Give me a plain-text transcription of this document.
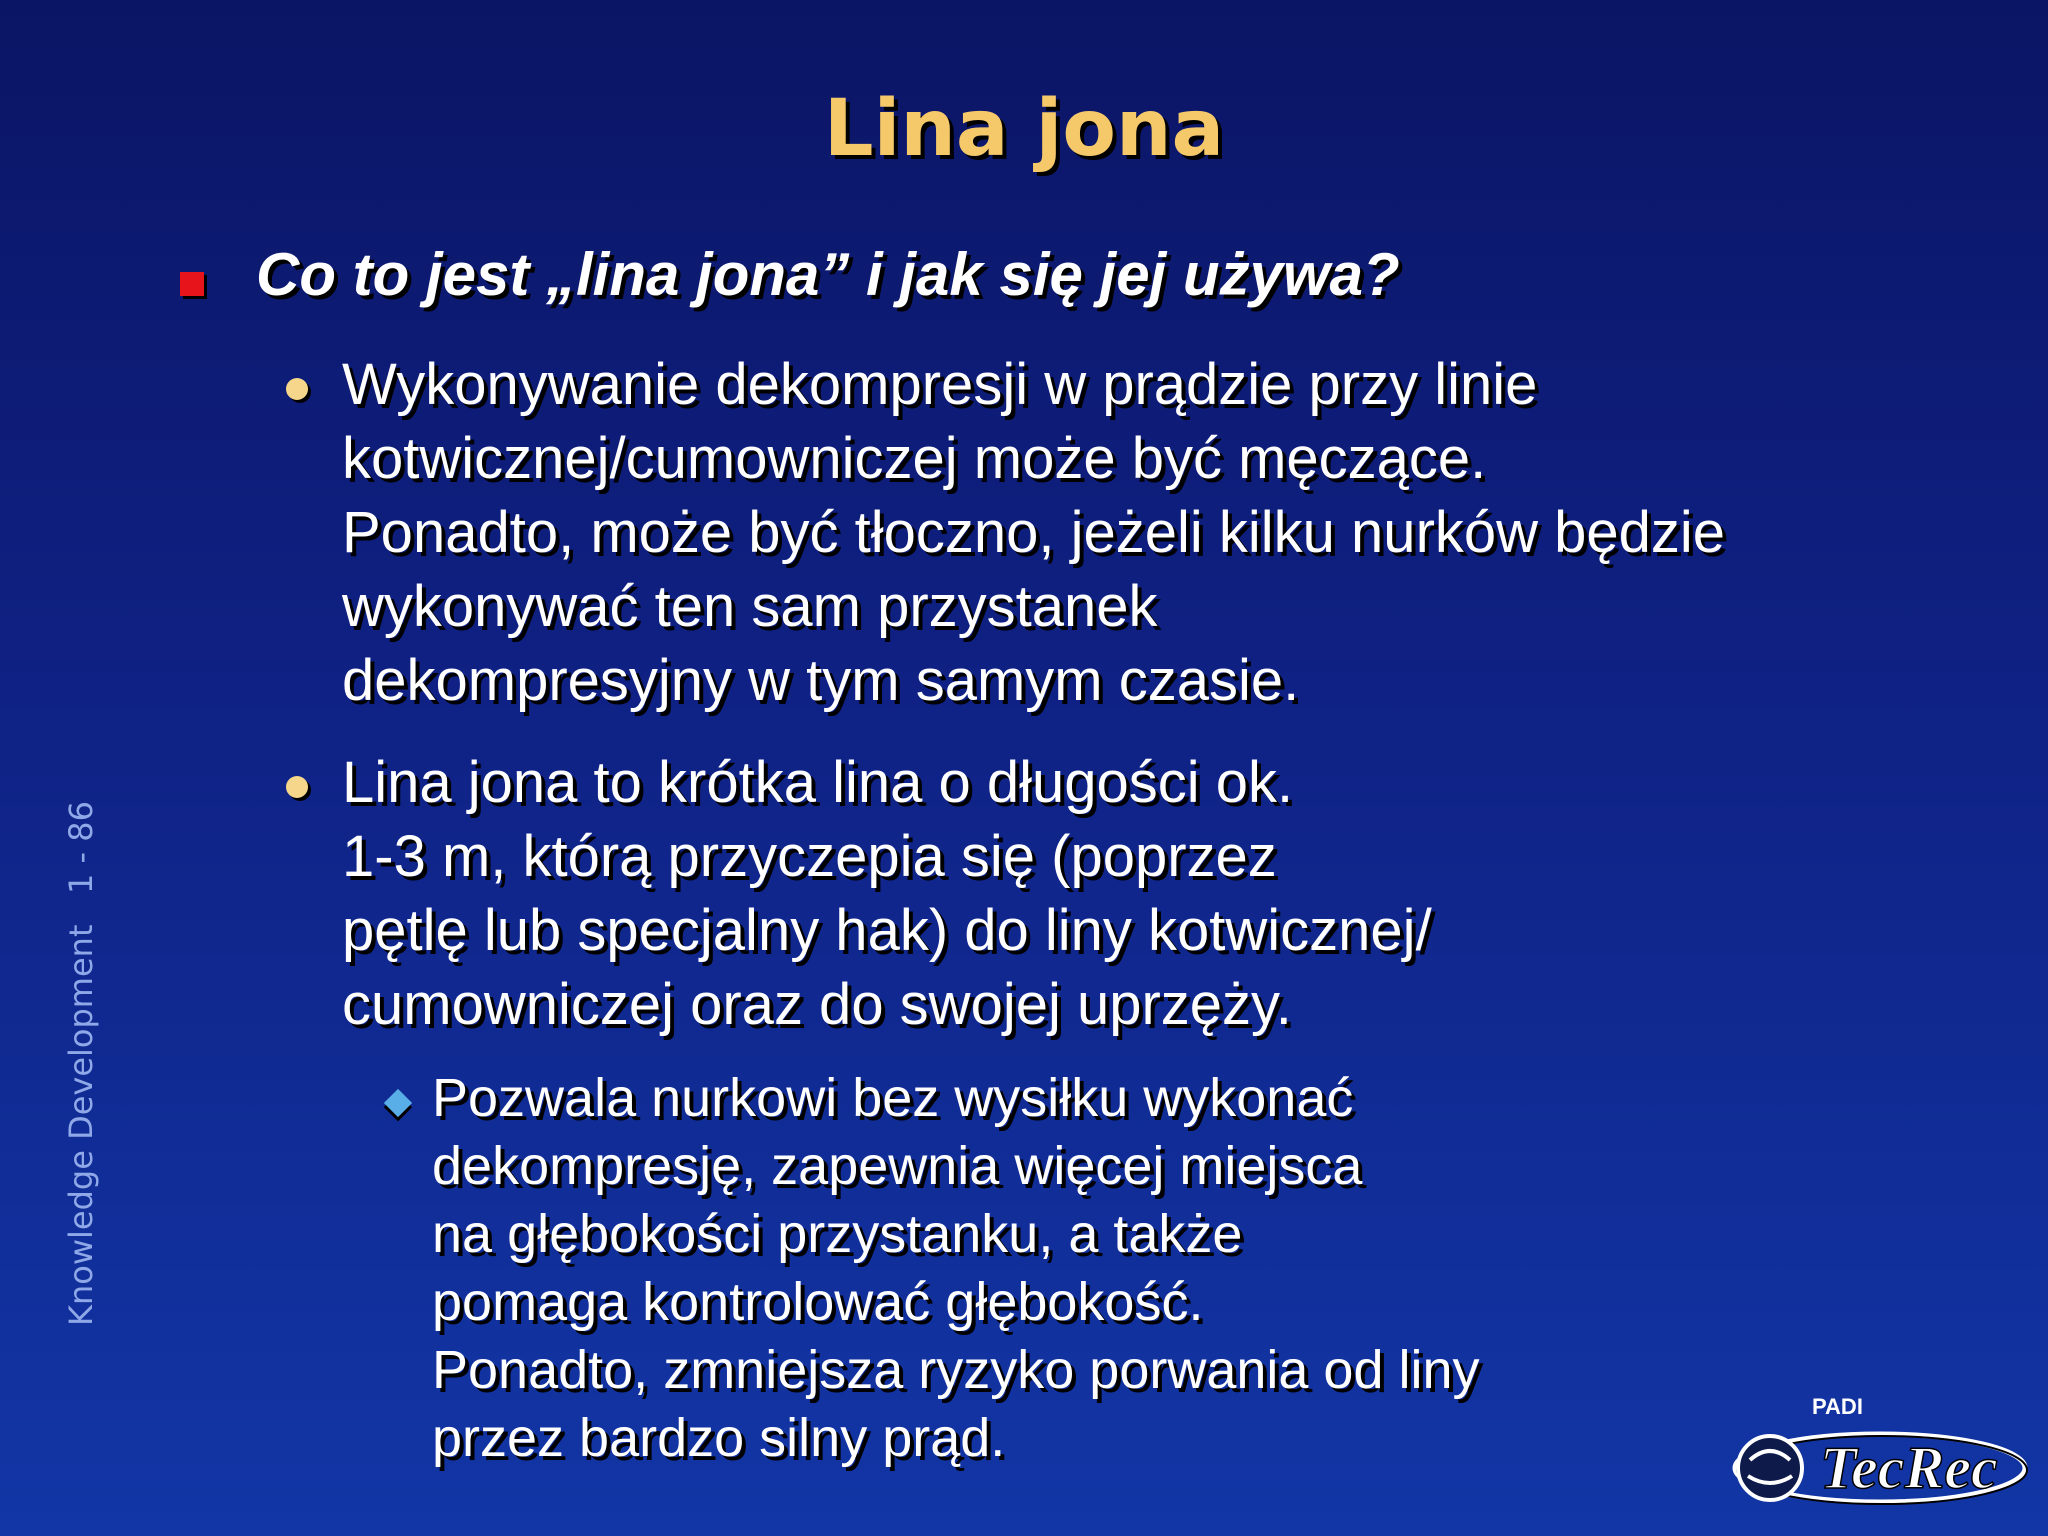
Lina jona
Knowledge Development   1 - 86
Co to jest „lina jona” i jak się jej używa?
Wykonywanie dekompresji w prądzie przy linie
kotwicznej/cumowniczej może być męczące.
Ponadto, może być tłoczno, jeżeli kilku nurków będzie
wykonywać ten sam przystanek
dekompresyjny w tym samym czasie.
Lina jona to krótka lina o długości ok.
1-3 m, którą przyczepia się (poprzez
pętlę lub specjalny hak) do liny kotwicznej/
cumowniczej oraz do swojej uprzęży.
Pozwala nurkowi bez wysiłku wykonać
dekompresję, zapewnia więcej miejsca
na głębokości przystanku, a także
pomaga kontrolować głębokość.
Ponadto, zmniejsza ryzyko porwania od liny
przez bardzo silny prąd.
PADI
TecRec
